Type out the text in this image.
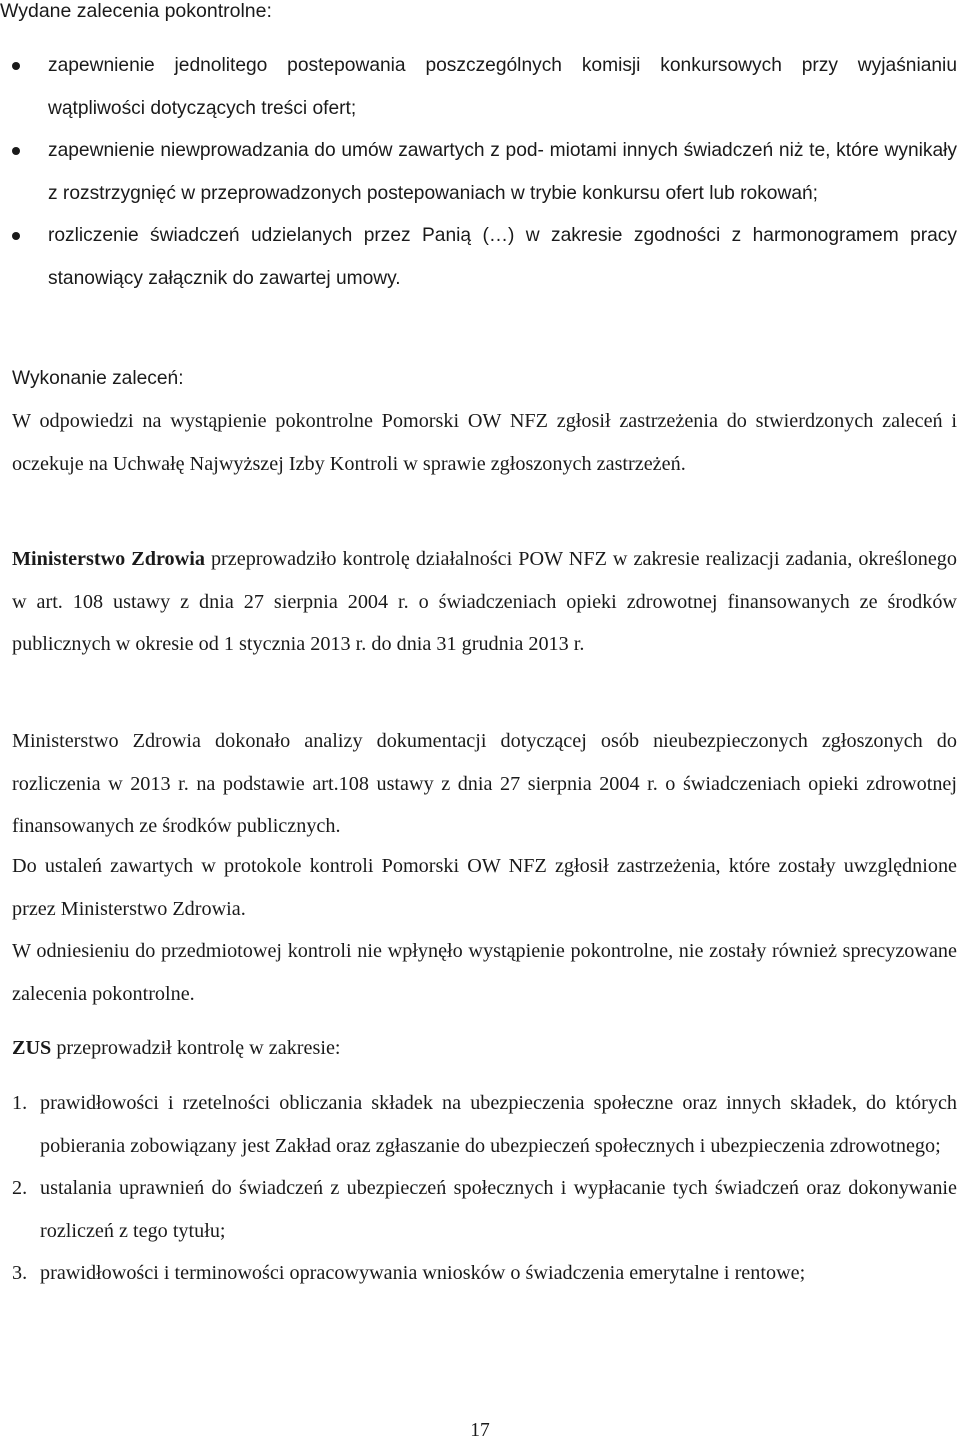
Wydane zalecenia pokontrolne:
zapewnienie jednolitego postepowania poszczególnych komisji konkursowych przy wyjaśnianiu wątpliwości dotyczących treści ofert;
zapewnienie niewprowadzania do umów zawartych z pod- miotami innych świadczeń niż te, które wynikały z rozstrzygnięć w przeprowadzonych postepowaniach w trybie konkursu ofert lub rokowań;
rozliczenie świadczeń udzielanych przez Panią (…) w zakresie zgodności z harmonogramem pracy stanowiący załącznik do zawartej umowy.

Wykonanie zaleceń:

W odpowiedzi na wystąpienie pokontrolne Pomorski OW NFZ zgłosił zastrzeżenia do stwierdzonych zaleceń i oczekuje na Uchwałę Najwyższej Izby Kontroli w sprawie zgłoszonych zastrzeżeń.

Ministerstwo Zdrowia przeprowadziło kontrolę działalności POW NFZ w zakresie realizacji zadania, określonego w art. 108 ustawy z dnia 27 sierpnia 2004 r. o świadczeniach opieki zdrowotnej finansowanych ze środków publicznych w okresie od 1 stycznia 2013 r. do dnia 31 grudnia 2013 r.

Ministerstwo Zdrowia dokonało analizy dokumentacji dotyczącej osób nieubezpieczonych zgłoszonych do rozliczenia w 2013 r. na podstawie art.108 ustawy z dnia 27 sierpnia 2004 r. o świadczeniach opieki zdrowotnej finansowanych ze środków publicznych.

Do ustaleń zawartych w protokole kontroli Pomorski OW NFZ zgłosił zastrzeżenia, które zostały uwzględnione przez Ministerstwo Zdrowia.

W odniesieniu do przedmiotowej kontroli nie wpłynęło wystąpienie pokontrolne, nie zostały również sprecyzowane zalecenia pokontrolne.

ZUS przeprowadził kontrolę w zakresie:

1. prawidłowości i rzetelności obliczania składek na ubezpieczenia społeczne oraz innych składek, do których pobierania zobowiązany jest Zakład oraz zgłaszanie do ubezpieczeń społecznych i ubezpieczenia zdrowotnego;
2. ustalania uprawnień do świadczeń z ubezpieczeń społecznych i wypłacanie tych świadczeń oraz dokonywanie rozliczeń z tego tytułu;
3. prawidłowości i terminowości opracowywania wniosków o świadczenia emerytalne i rentowe;
17
